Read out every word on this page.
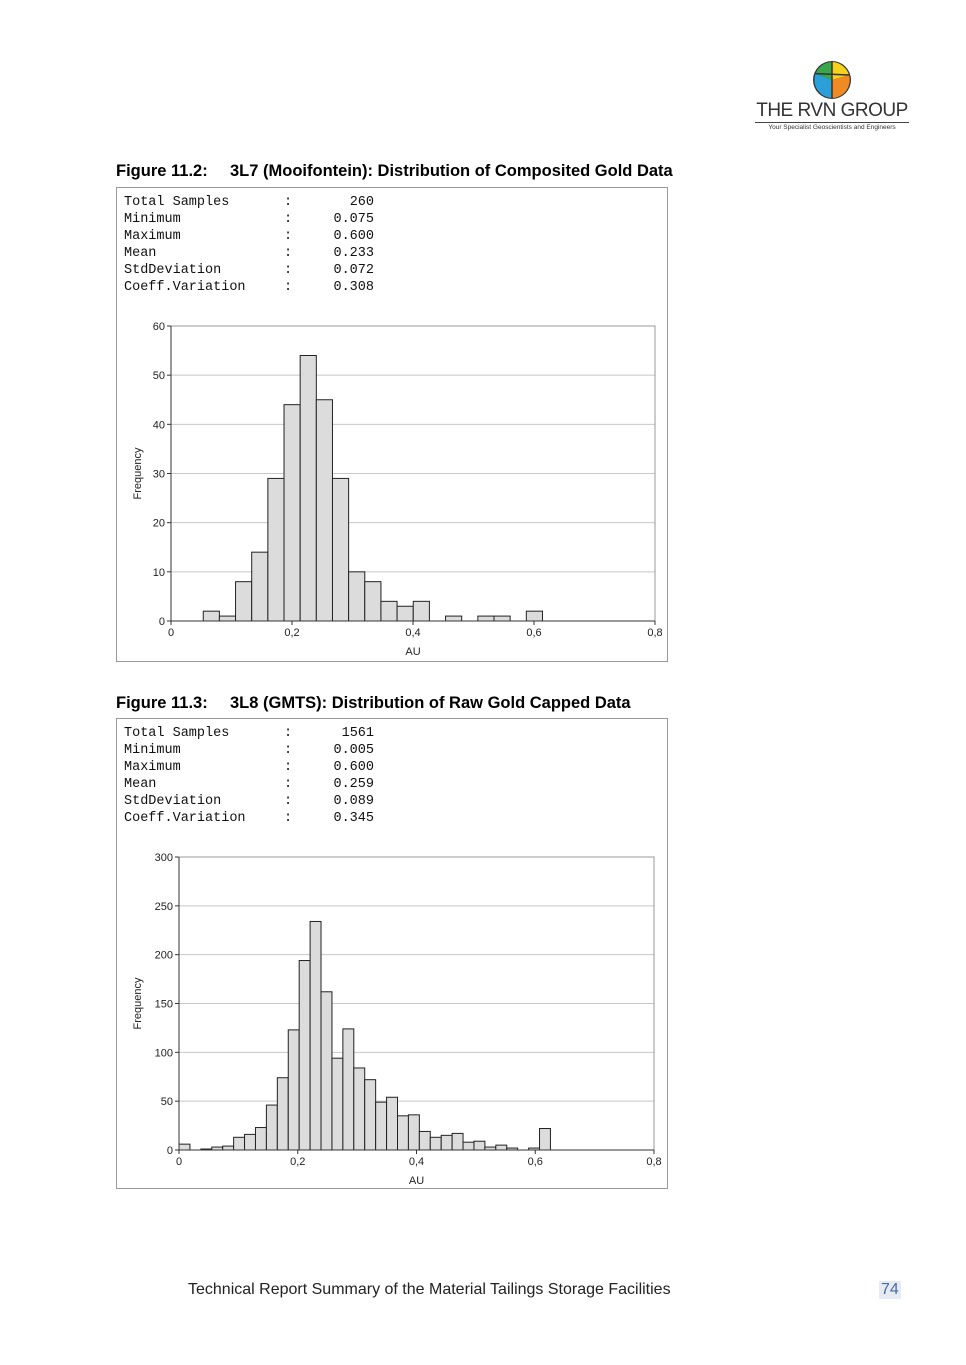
THE RVN GROUP
Your Specialist Geoscientists and Engineers
Figure 11.2: 3L7 (Mooifontein): Distribution of Composited Gold Data
Total Samples	:	260
Minimum	:	0.075
Maximum	:	0.600
Mean	:	0.233
StdDeviation	:	0.072
Coeff.Variation	:	0.308
0
10
20
30
40
50
60
0	0,2	0,4	0,6	0,8
AU
Frequency
Figure 11.3: 3L8 (GMTS): Distribution of Raw Gold Capped Data
Total Samples	:	1561
Minimum	:	0.005
Maximum	:	0.600
Mean	:	0.259
StdDeviation	:	0.089
Coeff.Variation	:	0.345
0
50
100
150
200
250
300
0	0,2	0,4	0,6	0,8
AU
Frequency
Technical Report Summary of the Material Tailings Storage Facilities	74
